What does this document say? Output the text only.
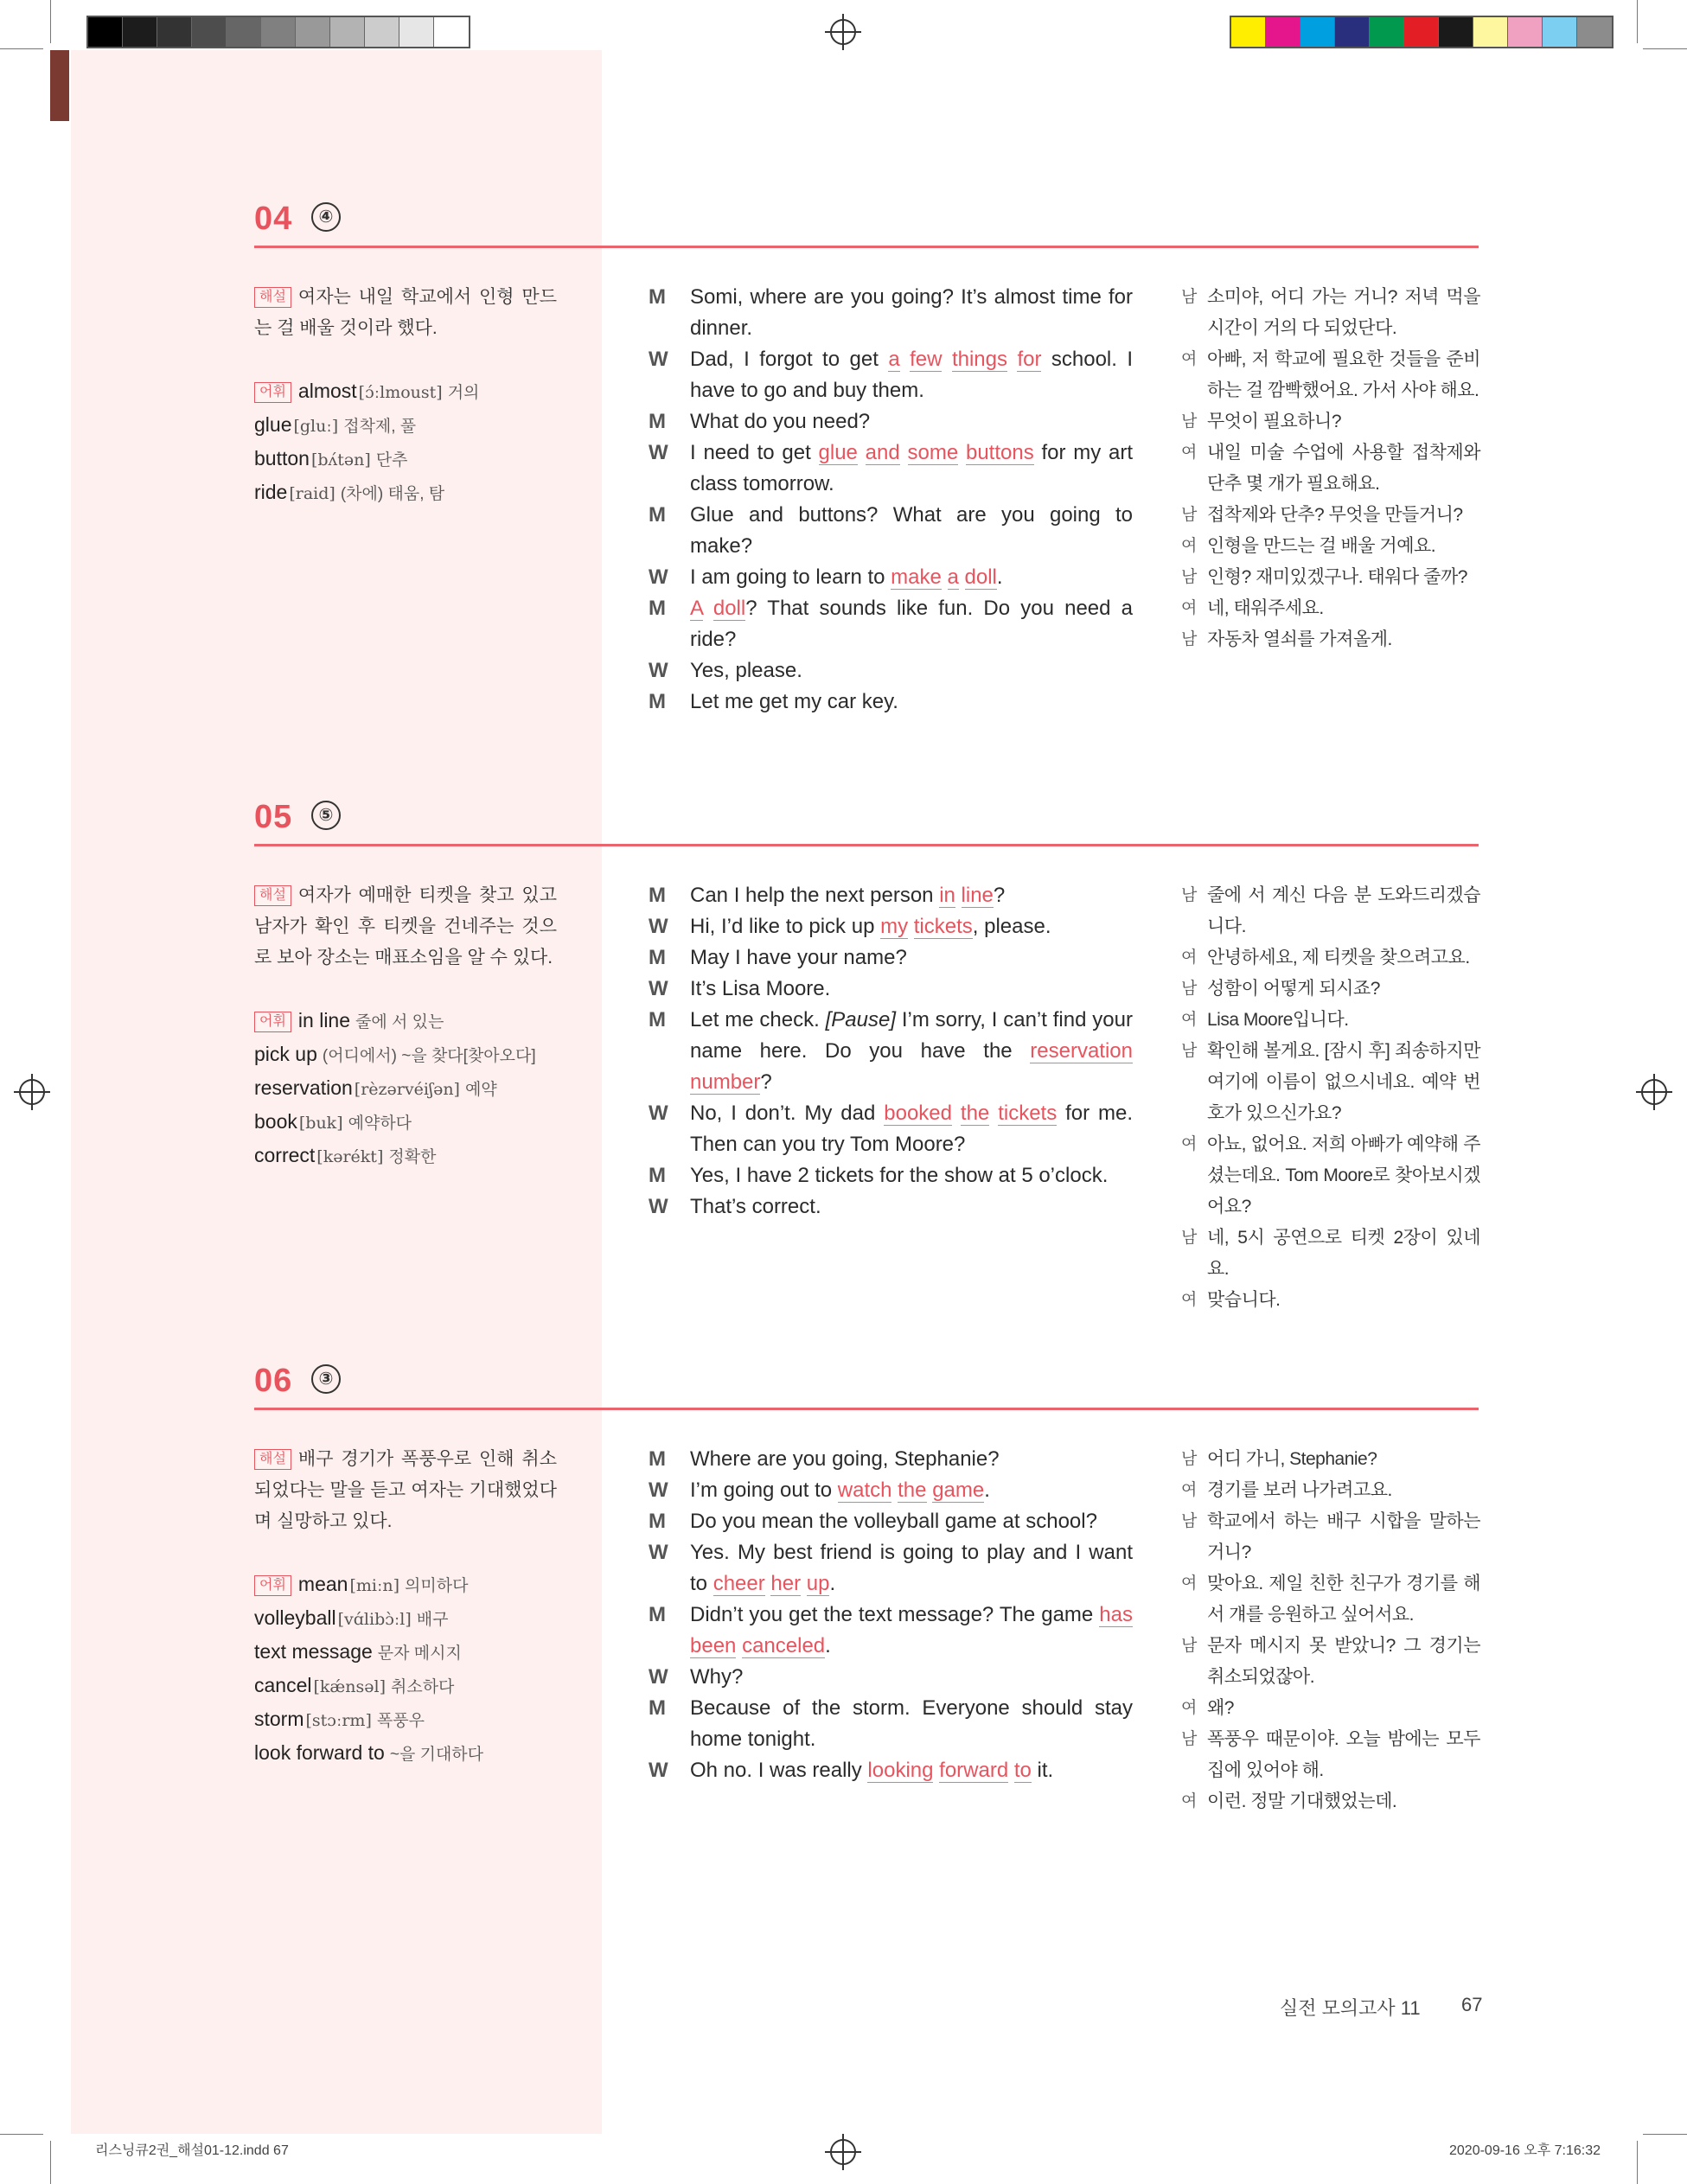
04	④
해설 여자는 내일 학교에서 인형 만드는 걸 배울 것이라 했다.
어휘 almost [ɔ́ːlmoust] 거의
glue [gluː] 접착제, 풀
button [bʌ́tən] 단추
ride [raid] (차에) 태움, 탐
M Somi, where are you going? It’s almost time for dinner.
W Dad, I forgot to get a few things for school. I have to go and buy them.
M What do you need?
W I need to get glue and some buttons for my art class tomorrow.
M Glue and buttons? What are you going to make?
W I am going to learn to make a doll.
M A doll? That sounds like fun. Do you need a ride?
W Yes, please.
M Let me get my car key.
남 소미야, 어디 가는 거니? 저녁 먹을 시간이 거의 다 되었단다.
여 아빠, 저 학교에 필요한 것들을 준비하는 걸 깜빡했어요. 가서 사야 해요.
남 무엇이 필요하니?
여 내일 미술 수업에 사용할 접착제와 단추 몇 개가 필요해요.
남 접착제와 단추? 무엇을 만들거니?
여 인형을 만드는 걸 배울 거예요.
남 인형? 재미있겠구나. 태워다 줄까?
여 네, 태워주세요.
남 자동차 열쇠를 가져올게.
05	⑤
해설 여자가 예매한 티켓을 찾고 있고 남자가 확인 후 티켓을 건네주는 것으로 보아 장소는 매표소임을 알 수 있다.
어휘 in line 줄에 서 있는
pick up (어디에서) ~을 찾다[찾아오다]
reservation [rèzərvéiʃən] 예약
book [buk] 예약하다
correct [kərékt] 정확한
M Can I help the next person in line?
W Hi, I’d like to pick up my tickets, please.
M May I have your name?
W It’s Lisa Moore.
M Let me check. [Pause] I’m sorry, I can’t find your name here. Do you have the reservation number?
W No, I don’t. My dad booked the tickets for me. Then can you try Tom Moore?
M Yes, I have 2 tickets for the show at 5 o’clock.
W That’s correct.
남 줄에 서 계신 다음 분 도와드리겠습니다.
여 안녕하세요, 제 티켓을 찾으려고요.
남 성함이 어떻게 되시죠?
여 Lisa Moore입니다.
남 확인해 볼게요. [잠시 후] 죄송하지만 여기에 이름이 없으시네요. 예약 번호가 있으신가요?
여 아뇨, 없어요. 저희 아빠가 예약해 주셨는데요. Tom Moore로 찾아보시겠어요?
남 네, 5시 공연으로 티켓 2장이 있네요.
여 맞습니다.
06	③
해설 배구 경기가 폭풍우로 인해 취소되었다는 말을 듣고 여자는 기대했었다며 실망하고 있다.
어휘 mean [miːn] 의미하다
volleyball [vɑ́libɔ̀ːl] 배구
text message 문자 메시지
cancel [kǽnsəl] 취소하다
storm [stɔːrm] 폭풍우
look forward to ~을 기대하다
M Where are you going, Stephanie?
W I’m going out to watch the game.
M Do you mean the volleyball game at school?
W Yes. My best friend is going to play and I want to cheer her up.
M Didn’t you get the text message? The game has been canceled.
W Why?
M Because of the storm. Everyone should stay home tonight.
W Oh no. I was really looking forward to it.
남 어디 가니, Stephanie?
여 경기를 보러 나가려고요.
남 학교에서 하는 배구 시합을 말하는 거니?
여 맞아요. 제일 친한 친구가 경기를 해서 걔를 응원하고 싶어서요.
남 문자 메시지 못 받았니? 그 경기는 취소되었잖아.
여 왜?
남 폭풍우 때문이야. 오늘 밤에는 모두 집에 있어야 해.
여 이런. 정말 기대했었는데.
실전 모의고사 11 67
리스닝큐2권_해설01-12.indd 67	2020-09-16 오후 7:16:32
